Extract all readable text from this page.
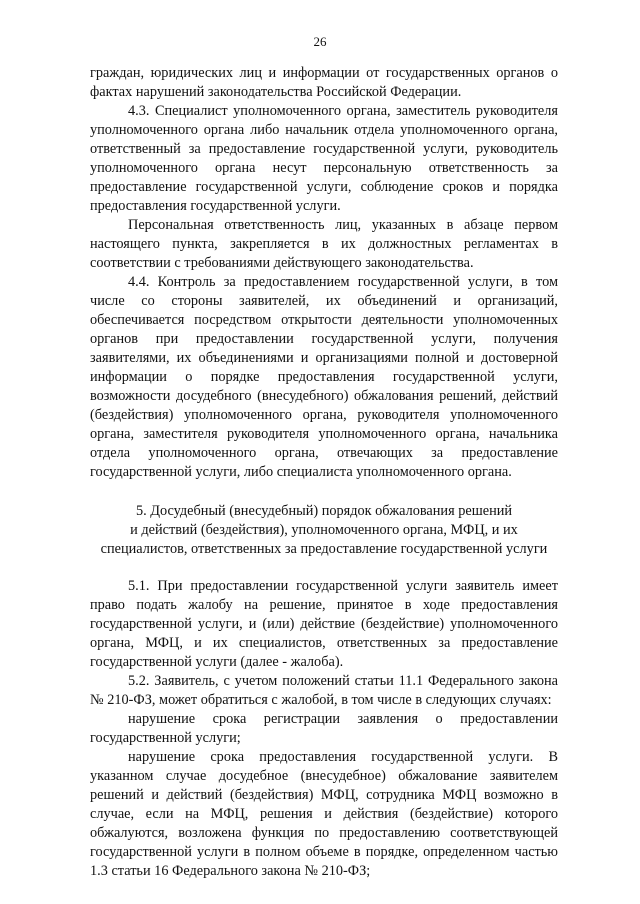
26

граждан, юридических лиц и информации от государственных органов о фактах нарушений законодательства Российской Федерации.

4.3. Специалист уполномоченного органа, заместитель руководителя уполномоченного органа либо начальник отдела уполномоченного органа, ответственный за предоставление государственной услуги, руководитель уполномоченного органа несут персональную ответственность за предоставление государственной услуги, соблюдение сроков и порядка предоставления государственной услуги.

Персональная ответственность лиц, указанных в абзаце первом настоящего пункта, закрепляется в их должностных регламентах в соответствии с требованиями действующего законодательства.

4.4. Контроль за предоставлением государственной услуги, в том числе со стороны заявителей, их объединений и организаций, обеспечивается посредством открытости деятельности уполномоченных органов при предоставлении государственной услуги, получения заявителями, их объединениями и организациями полной и достоверной информации о порядке предоставления государственной услуги, возможности досудебного (внесудебного) обжалования решений, действий (бездействия) уполномоченного органа, руководителя уполномоченного органа, заместителя руководителя уполномоченного органа, начальника отдела уполномоченного органа, отвечающих за предоставление государственной услуги, либо специалиста уполномоченного органа.

5. Досудебный (внесудебный) порядок обжалования решений
и действий (бездействия), уполномоченного органа, МФЦ, и их
специалистов, ответственных за предоставление государственной услуги

5.1. При предоставлении государственной услуги заявитель имеет право подать жалобу на решение, принятое в ходе предоставления государственной услуги, и (или) действие (бездействие) уполномоченного органа, МФЦ, и их специалистов, ответственных за предоставление государственной услуги (далее - жалоба).

5.2. Заявитель, с учетом положений статьи 11.1 Федерального закона № 210-ФЗ, может обратиться с жалобой, в том числе в следующих случаях:

нарушение срока регистрации заявления о предоставлении государственной услуги;

нарушение срока предоставления государственной услуги. В указанном случае досудебное (внесудебное) обжалование заявителем решений и действий (бездействия) МФЦ, сотрудника МФЦ возможно в случае, если на МФЦ, решения и действия (бездействие) которого обжалуются, возложена функция по предоставлению соответствующей государственной услуги в полном объеме в порядке, определенном частью 1.3 статьи 16 Федерального закона № 210-ФЗ;
